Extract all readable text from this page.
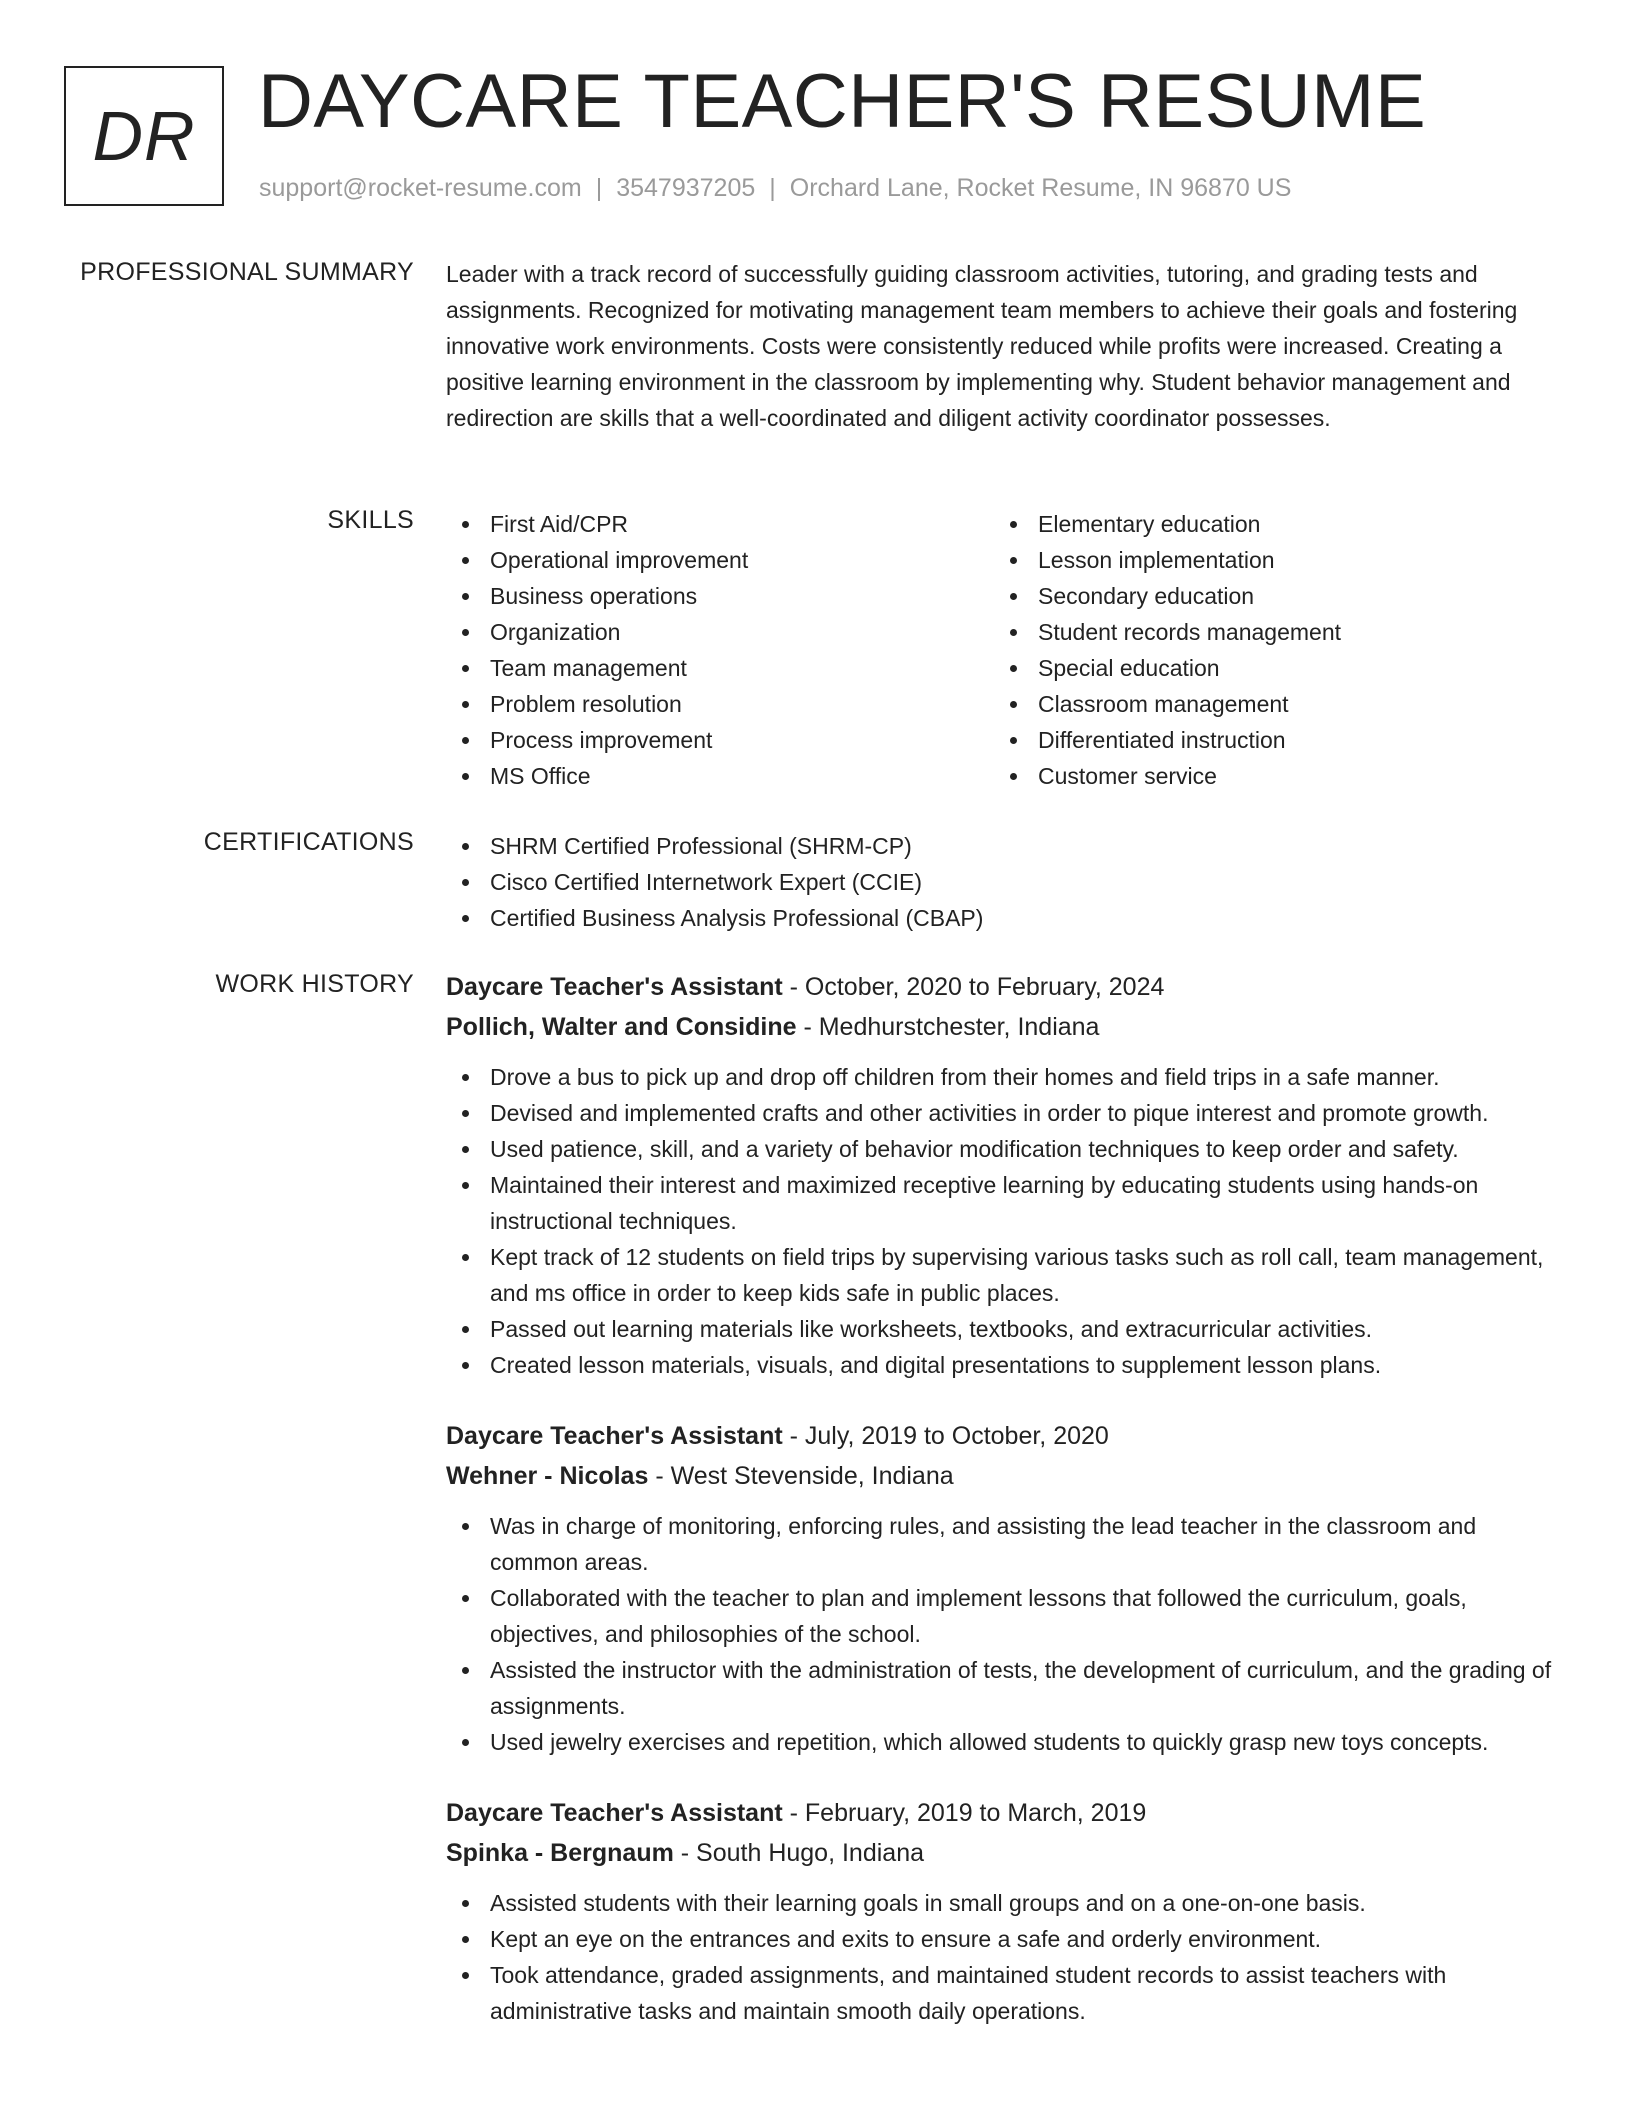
DR DAYCARE TEACHER'S RESUME
support@rocket-resume.com | 3547937205 | Orchard Lane, Rocket Resume, IN 96870 US
PROFESSIONAL SUMMARY Leader with a track record of successfully guiding classroom activities, tutoring, and grading tests and assignments. Recognized for motivating management team members to achieve their goals and fostering innovative work environments. Costs were consistently reduced while profits were increased. Creating a positive learning environment in the classroom by implementing why. Student behavior management and redirection are skills that a well-coordinated and diligent activity coordinator possesses.

SKILLS	First Aid/CPR
Operational improvement
Business operations
Organization
Team management
Problem resolution
Process improvement
MS Office
Elementary education
Lesson implementation
Secondary education
Student records management
Special education
Classroom management
Differentiated instruction
Customer service
CERTIFICATIONS	SHRM Certified Professional (SHRM-CP)
Cisco Certified Internetwork Expert (CCIE)
Certified Business Analysis Professional (CBAP)
WORK HISTORY Daycare Teacher's Assistant - October, 2020 to February, 2024
Pollich, Walter and Considine - Medhurstchester, Indiana
Drove a bus to pick up and drop off children from their homes and field trips in a safe manner.
Devised and implemented crafts and other activities in order to pique interest and promote growth.
Used patience, skill, and a variety of behavior modification techniques to keep order and safety.
Maintained their interest and maximized receptive learning by educating students using hands-on instructional techniques.
Kept track of 12 students on field trips by supervising various tasks such as roll call, team management, and ms office in order to keep kids safe in public places.
Passed out learning materials like worksheets, textbooks, and extracurricular activities.
Created lesson materials, visuals, and digital presentations to supplement lesson plans.
Daycare Teacher's Assistant - July, 2019 to October, 2020
Wehner - Nicolas - West Stevenside, Indiana
Was in charge of monitoring, enforcing rules, and assisting the lead teacher in the classroom and common areas.
Collaborated with the teacher to plan and implement lessons that followed the curriculum, goals, objectives, and philosophies of the school.
Assisted the instructor with the administration of tests, the development of curriculum, and the grading of assignments.
Used jewelry exercises and repetition, which allowed students to quickly grasp new toys concepts.
Daycare Teacher's Assistant - February, 2019 to March, 2019
Spinka - Bergnaum - South Hugo, Indiana
Assisted students with their learning goals in small groups and on a one-on-one basis.
Kept an eye on the entrances and exits to ensure a safe and orderly environment.
Took attendance, graded assignments, and maintained student records to assist teachers with administrative tasks and maintain smooth daily operations.
